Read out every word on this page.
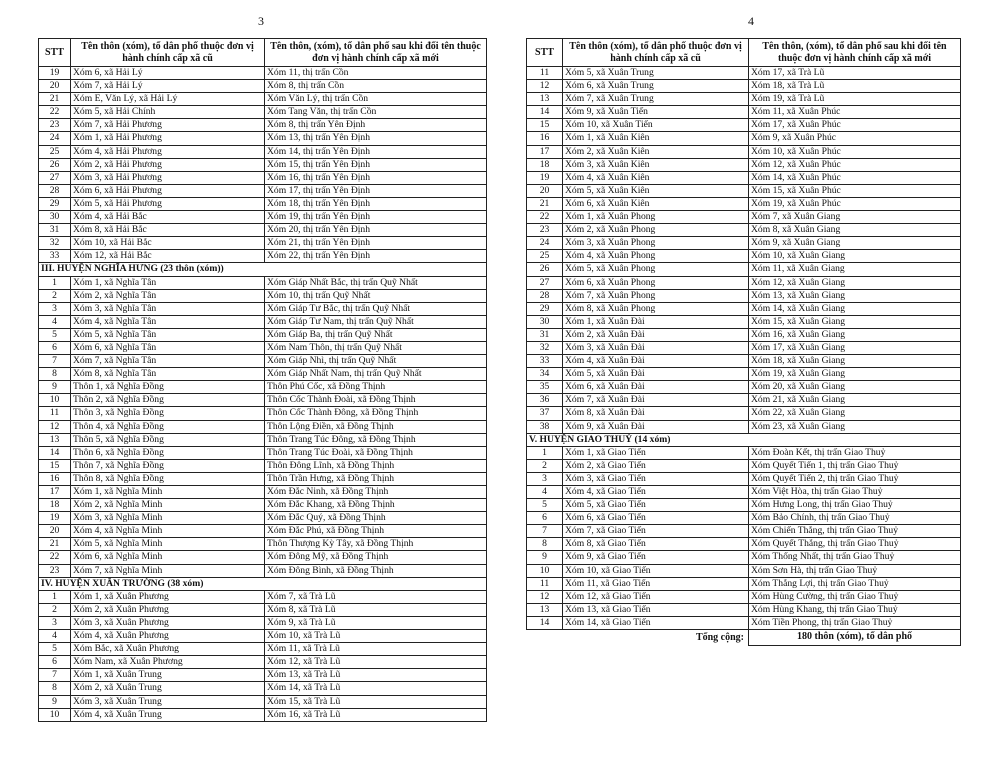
3	4
STT	Tên thôn (xóm), tổ dân phố thuộc đơn vị hành chính cấp xã cũ	Tên thôn, (xóm), tổ dân phố sau khi đổi tên thuộc đơn vị hành chính cấp xã mới
19	Xóm 6, xã Hải Lý	Xóm 11, thị trấn Cồn
20	Xóm 7, xã Hải Lý	Xóm 8, thị trấn Cồn
21	Xóm E, Văn Lý, xã Hải Lý	Xóm Văn Lý, thị trấn Cồn
22	Xóm 5, xã Hải Chính	Xóm Tang Văn, thị trấn Cồn
23	Xóm 7, xã Hải Phương	Xóm 8, thị trấn Yên Định
24	Xóm 1, xã Hải Phương	Xóm 13, thị trấn Yên Định
25	Xóm 4, xã Hải Phương	Xóm 14, thị trấn Yên Định
26	Xóm 2, xã Hải Phương	Xóm 15, thị trấn Yên Định
27	Xóm 3, xã Hải Phương	Xóm 16, thị trấn Yên Định
28	Xóm 6, xã Hải Phương	Xóm 17, thị trấn Yên Định
29	Xóm 5, xã Hải Phương	Xóm 18, thị trấn Yên Định
30	Xóm 4, xã Hải Bắc	Xóm 19, thị trấn Yên Định
31	Xóm 8, xã Hải Bắc	Xóm 20, thị trấn Yên Định
32	Xóm 10, xã Hải Bắc	Xóm 21, thị trấn Yên Định
33	Xóm 12, xã Hải Bắc	Xóm 22, thị trấn Yên Định
III. HUYỆN NGHĨA HƯNG (23 thôn (xóm))		
1	Xóm 1, xã Nghĩa Tân	Xóm Giáp Nhất Bắc, thị trấn Quỹ Nhất
2	Xóm 2, xã Nghĩa Tân	Xóm 10, thị trấn Quỹ Nhất
3	Xóm 3, xã Nghĩa Tân	Xóm Giáp Tư Bắc, thị trấn Quỹ Nhất
4	Xóm 4, xã Nghĩa Tân	Xóm Giáp Tư Nam, thị trấn Quỹ Nhất
5	Xóm 5, xã Nghĩa Tân	Xóm Giáp Ba, thị trấn Quỹ Nhất
6	Xóm 6, xã Nghĩa Tân	Xóm Nam Thôn, thị trấn Quỹ Nhất
7	Xóm 7, xã Nghĩa Tân	Xóm Giáp Nhì, thị trấn Quỹ Nhất
8	Xóm 8, xã Nghĩa Tân	Xóm Giáp Nhất Nam, thị trấn Quỹ Nhất
9	Thôn 1, xã Nghĩa Đồng	Thôn Phú Cốc, xã Đồng Thịnh
10	Thôn 2, xã Nghĩa Đồng	Thôn Cốc Thành Đoài, xã Đồng Thịnh
11	Thôn 3, xã Nghĩa Đồng	Thôn Cốc Thành Đông, xã Đồng Thịnh
12	Thôn 4, xã Nghĩa Đồng	Thôn Lộng Điền, xã Đồng Thịnh
13	Thôn 5, xã Nghĩa Đồng	Thôn Trang Túc Đông, xã Đồng Thịnh
14	Thôn 6, xã Nghĩa Đồng	Thôn Trang Túc Đoài, xã Đồng Thịnh
15	Thôn 7, xã Nghĩa Đồng	Thôn Đông Lĩnh, xã Đồng Thịnh
16	Thôn 8, xã Nghĩa Đồng	Thôn Trần Hưng, xã Đồng Thịnh
17	Xóm 1, xã Nghĩa Minh	Xóm Đắc Ninh, xã Đồng Thịnh
18	Xóm 2, xã Nghĩa Minh	Xóm Đắc Khang, xã Đồng Thịnh
19	Xóm 3, xã Nghĩa Minh	Xóm Đắc Quý, xã Đồng Thịnh
20	Xóm 4, xã Nghĩa Minh	Xóm Đắc Phú, xã Đồng Thịnh
21	Xóm 5, xã Nghĩa Minh	Thôn Thượng Kỳ Tây, xã Đồng Thịnh
22	Xóm 6, xã Nghĩa Minh	Xóm Đông Mỹ, xã Đồng Thịnh
23	Xóm 7, xã Nghĩa Minh	Xóm Đông Bình, xã Đồng Thịnh
IV. HUYỆN XUÂN TRƯỜNG (38 xóm)		
1	Xóm 1, xã Xuân Phương	Xóm 7, xã Trà Lũ
2	Xóm 2, xã Xuân Phương	Xóm 8, xã Trà Lũ
3	Xóm 3, xã Xuân Phương	Xóm 9, xã Trà Lũ
4	Xóm 4, xã Xuân Phương	Xóm 10, xã Trà Lũ
5	Xóm Bắc, xã Xuân Phương	Xóm 11, xã Trà Lũ
6	Xóm Nam, xã Xuân Phương	Xóm 12, xã Trà Lũ
7	Xóm 1, xã Xuân Trung	Xóm 13, xã Trà Lũ
8	Xóm 2, xã Xuân Trung	Xóm 14, xã Trà Lũ
9	Xóm 3, xã Xuân Trung	Xóm 15, xã Trà Lũ
10	Xóm 4, xã Xuân Trung	Xóm 16, xã Trà Lũ
STT	Tên thôn (xóm), tổ dân phố thuộc đơn vị hành chính cấp xã cũ	Tên thôn, (xóm), tổ dân phố sau khi đổi tên thuộc đơn vị hành chính cấp xã mới
11	Xóm 5, xã Xuân Trung	Xóm 17, xã Trà Lũ
12	Xóm 6, xã Xuân Trung	Xóm 18, xã Trà Lũ
13	Xóm 7, xã Xuân Trung	Xóm 19, xã Trà Lũ
14	Xóm 9, xã Xuân Tiến	Xóm 11, xã Xuân Phúc
15	Xóm 10, xã Xuân Tiến	Xóm 17, xã Xuân Phúc
16	Xóm 1, xã Xuân Kiên	Xóm 9, xã Xuân Phúc
17	Xóm 2, xã Xuân Kiên	Xóm 10, xã Xuân Phúc
18	Xóm 3, xã Xuân Kiên	Xóm 12, xã Xuân Phúc
19	Xóm 4, xã Xuân Kiên	Xóm 14, xã Xuân Phúc
20	Xóm 5, xã Xuân Kiên	Xóm 15, xã Xuân Phúc
21	Xóm 6, xã Xuân Kiên	Xóm 19, xã Xuân Phúc
22	Xóm 1, xã Xuân Phong	Xóm 7, xã Xuân Giang
23	Xóm 2, xã Xuân Phong	Xóm 8, xã Xuân Giang
24	Xóm 3, xã Xuân Phong	Xóm 9, xã Xuân Giang
25	Xóm 4, xã Xuân Phong	Xóm 10, xã Xuân Giang
26	Xóm 5, xã Xuân Phong	Xóm 11, xã Xuân Giang
27	Xóm 6, xã Xuân Phong	Xóm 12, xã Xuân Giang
28	Xóm 7, xã Xuân Phong	Xóm 13, xã Xuân Giang
29	Xóm 8, xã Xuân Phong	Xóm 14, xã Xuân Giang
30	Xóm 1, xã Xuân Đài	Xóm 15, xã Xuân Giang
31	Xóm 2, xã Xuân Đài	Xóm 16, xã Xuân Giang
32	Xóm 3, xã Xuân Đài	Xóm 17, xã Xuân Giang
33	Xóm 4, xã Xuân Đài	Xóm 18, xã Xuân Giang
34	Xóm 5, xã Xuân Đài	Xóm 19, xã Xuân Giang
35	Xóm 6, xã Xuân Đài	Xóm 20, xã Xuân Giang
36	Xóm 7, xã Xuân Đài	Xóm 21, xã Xuân Giang
37	Xóm 8, xã Xuân Đài	Xóm 22, xã Xuân Giang
38	Xóm 9, xã Xuân Đài	Xóm 23, xã Xuân Giang
V. HUYỆN GIAO THUỶ (14 xóm)		
1	Xóm 1, xã Giao Tiến	Xóm Đoàn Kết, thị trấn Giao Thuỷ
2	Xóm 2, xã Giao Tiến	Xóm Quyết Tiến 1, thị trấn Giao Thuỷ
3	Xóm 3, xã Giao Tiến	Xóm Quyết Tiến 2, thị trấn Giao Thuỷ
4	Xóm 4, xã Giao Tiến	Xóm Việt Hòa, thị trấn Giao Thuỷ
5	Xóm 5, xã Giao Tiến	Xóm Hưng Long, thị trấn Giao Thuỷ
6	Xóm 6, xã Giao Tiến	Xóm Bảo Chính, thị trấn Giao Thuỷ
7	Xóm 7, xã Giao Tiến	Xóm Chiến Thắng, thị trấn Giao Thuỷ
8	Xóm 8, xã Giao Tiến	Xóm Quyết Thắng, thị trấn Giao Thuỷ
9	Xóm 9, xã Giao Tiến	Xóm Thống Nhất, thị trấn Giao Thuỷ
10	Xóm 10, xã Giao Tiến	Xóm Sơn Hà, thị trấn Giao Thuỷ
11	Xóm 11, xã Giao Tiến	Xóm Thắng Lợi, thị trấn Giao Thuỷ
12	Xóm 12, xã Giao Tiến	Xóm Hùng Cường, thị trấn Giao Thuỷ
13	Xóm 13, xã Giao Tiến	Xóm Hùng Khang, thị trấn Giao Thuỷ
14	Xóm 14, xã Giao Tiến	Xóm Tiền Phong, thị trấn Giao Thuỷ
	Tổng cộng:	180 thôn (xóm), tổ dân phố
